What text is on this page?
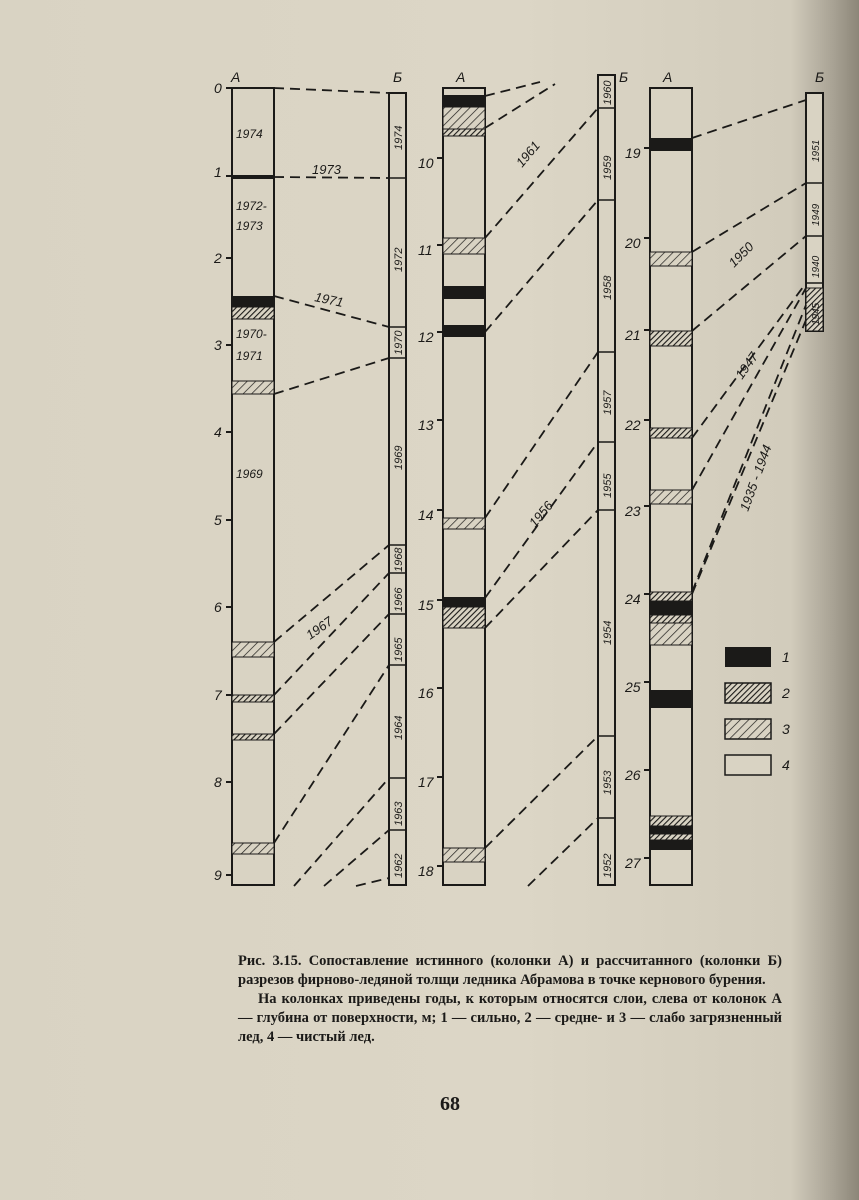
А	Б
0
1
2
3
4
5
6
7
8
9
1974
1972-
1973
1970-
1971
1969
1974
1972
1970
1969
1968
1966
1965
1964
1963
1962
1973
1971
1967
А	Б
10
11
12
13
14
15
16
17
18
1960
1959
1958
1957
1955
1954
1953
1952
1961
1956
А	Б
19
20
21
22
23
24
25
26
27
1951
1949
1940
1945
1950
1947
1935 - 1944
1
2
3
4

Рис. 3.15. Сопоставление истинного (колонки А) и рассчитанного (колонки Б) разрезов фирново-ледяной толщи ледника Абрамова в точке кернового бурения.

На колонках приведены годы, к которым относятся слои, слева от колонок А — глубина от поверхности, м; 1 — сильно, 2 — средне- и 3 — слабо загрязненный лед, 4 — чистый лед.

68
